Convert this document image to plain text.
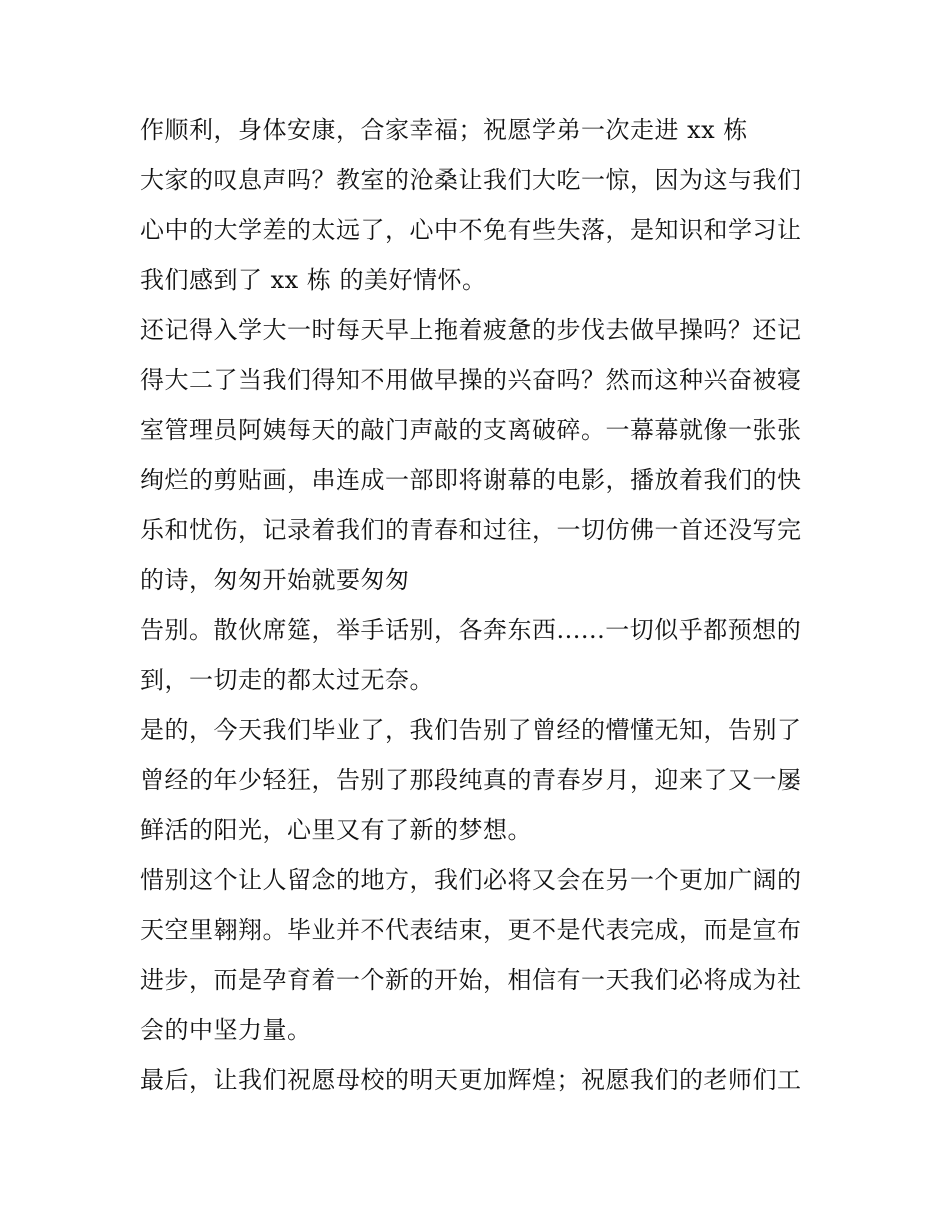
作顺利，身体安康，合家幸福；祝愿学弟一次走进 xx 栋
大家的叹息声吗？教室的沧桑让我们大吃一惊，因为这与我们
心中的大学差的太远了，心中不免有些失落，是知识和学习让
我们感到了 xx 栋 的美好情怀。
还记得入学大一时每天早上拖着疲惫的步伐去做早操吗？还记
得大二了当我们得知不用做早操的兴奋吗？然而这种兴奋被寝
室管理员阿姨每天的敲门声敲的支离破碎。一幕幕就像一张张
绚烂的剪贴画，串连成一部即将谢幕的电影，播放着我们的快
乐和忧伤，记录着我们的青春和过往，一切仿佛一首还没写完
的诗，匆匆开始就要匆匆
告别。散伙席筵，举手话别，各奔东西......一切似乎都预想的
到，一切走的都太过无奈。
是的，今天我们毕业了，我们告别了曾经的懵懂无知，告别了
曾经的年少轻狂，告别了那段纯真的青春岁月，迎来了又一屡
鲜活的阳光，心里又有了新的梦想。
惜别这个让人留念的地方，我们必将又会在另一个更加广阔的
天空里翱翔。毕业并不代表结束，更不是代表完成，而是宣布
进步，而是孕育着一个新的开始，相信有一天我们必将成为社
会的中坚力量。
最后，让我们祝愿母校的明天更加辉煌；祝愿我们的老师们工
